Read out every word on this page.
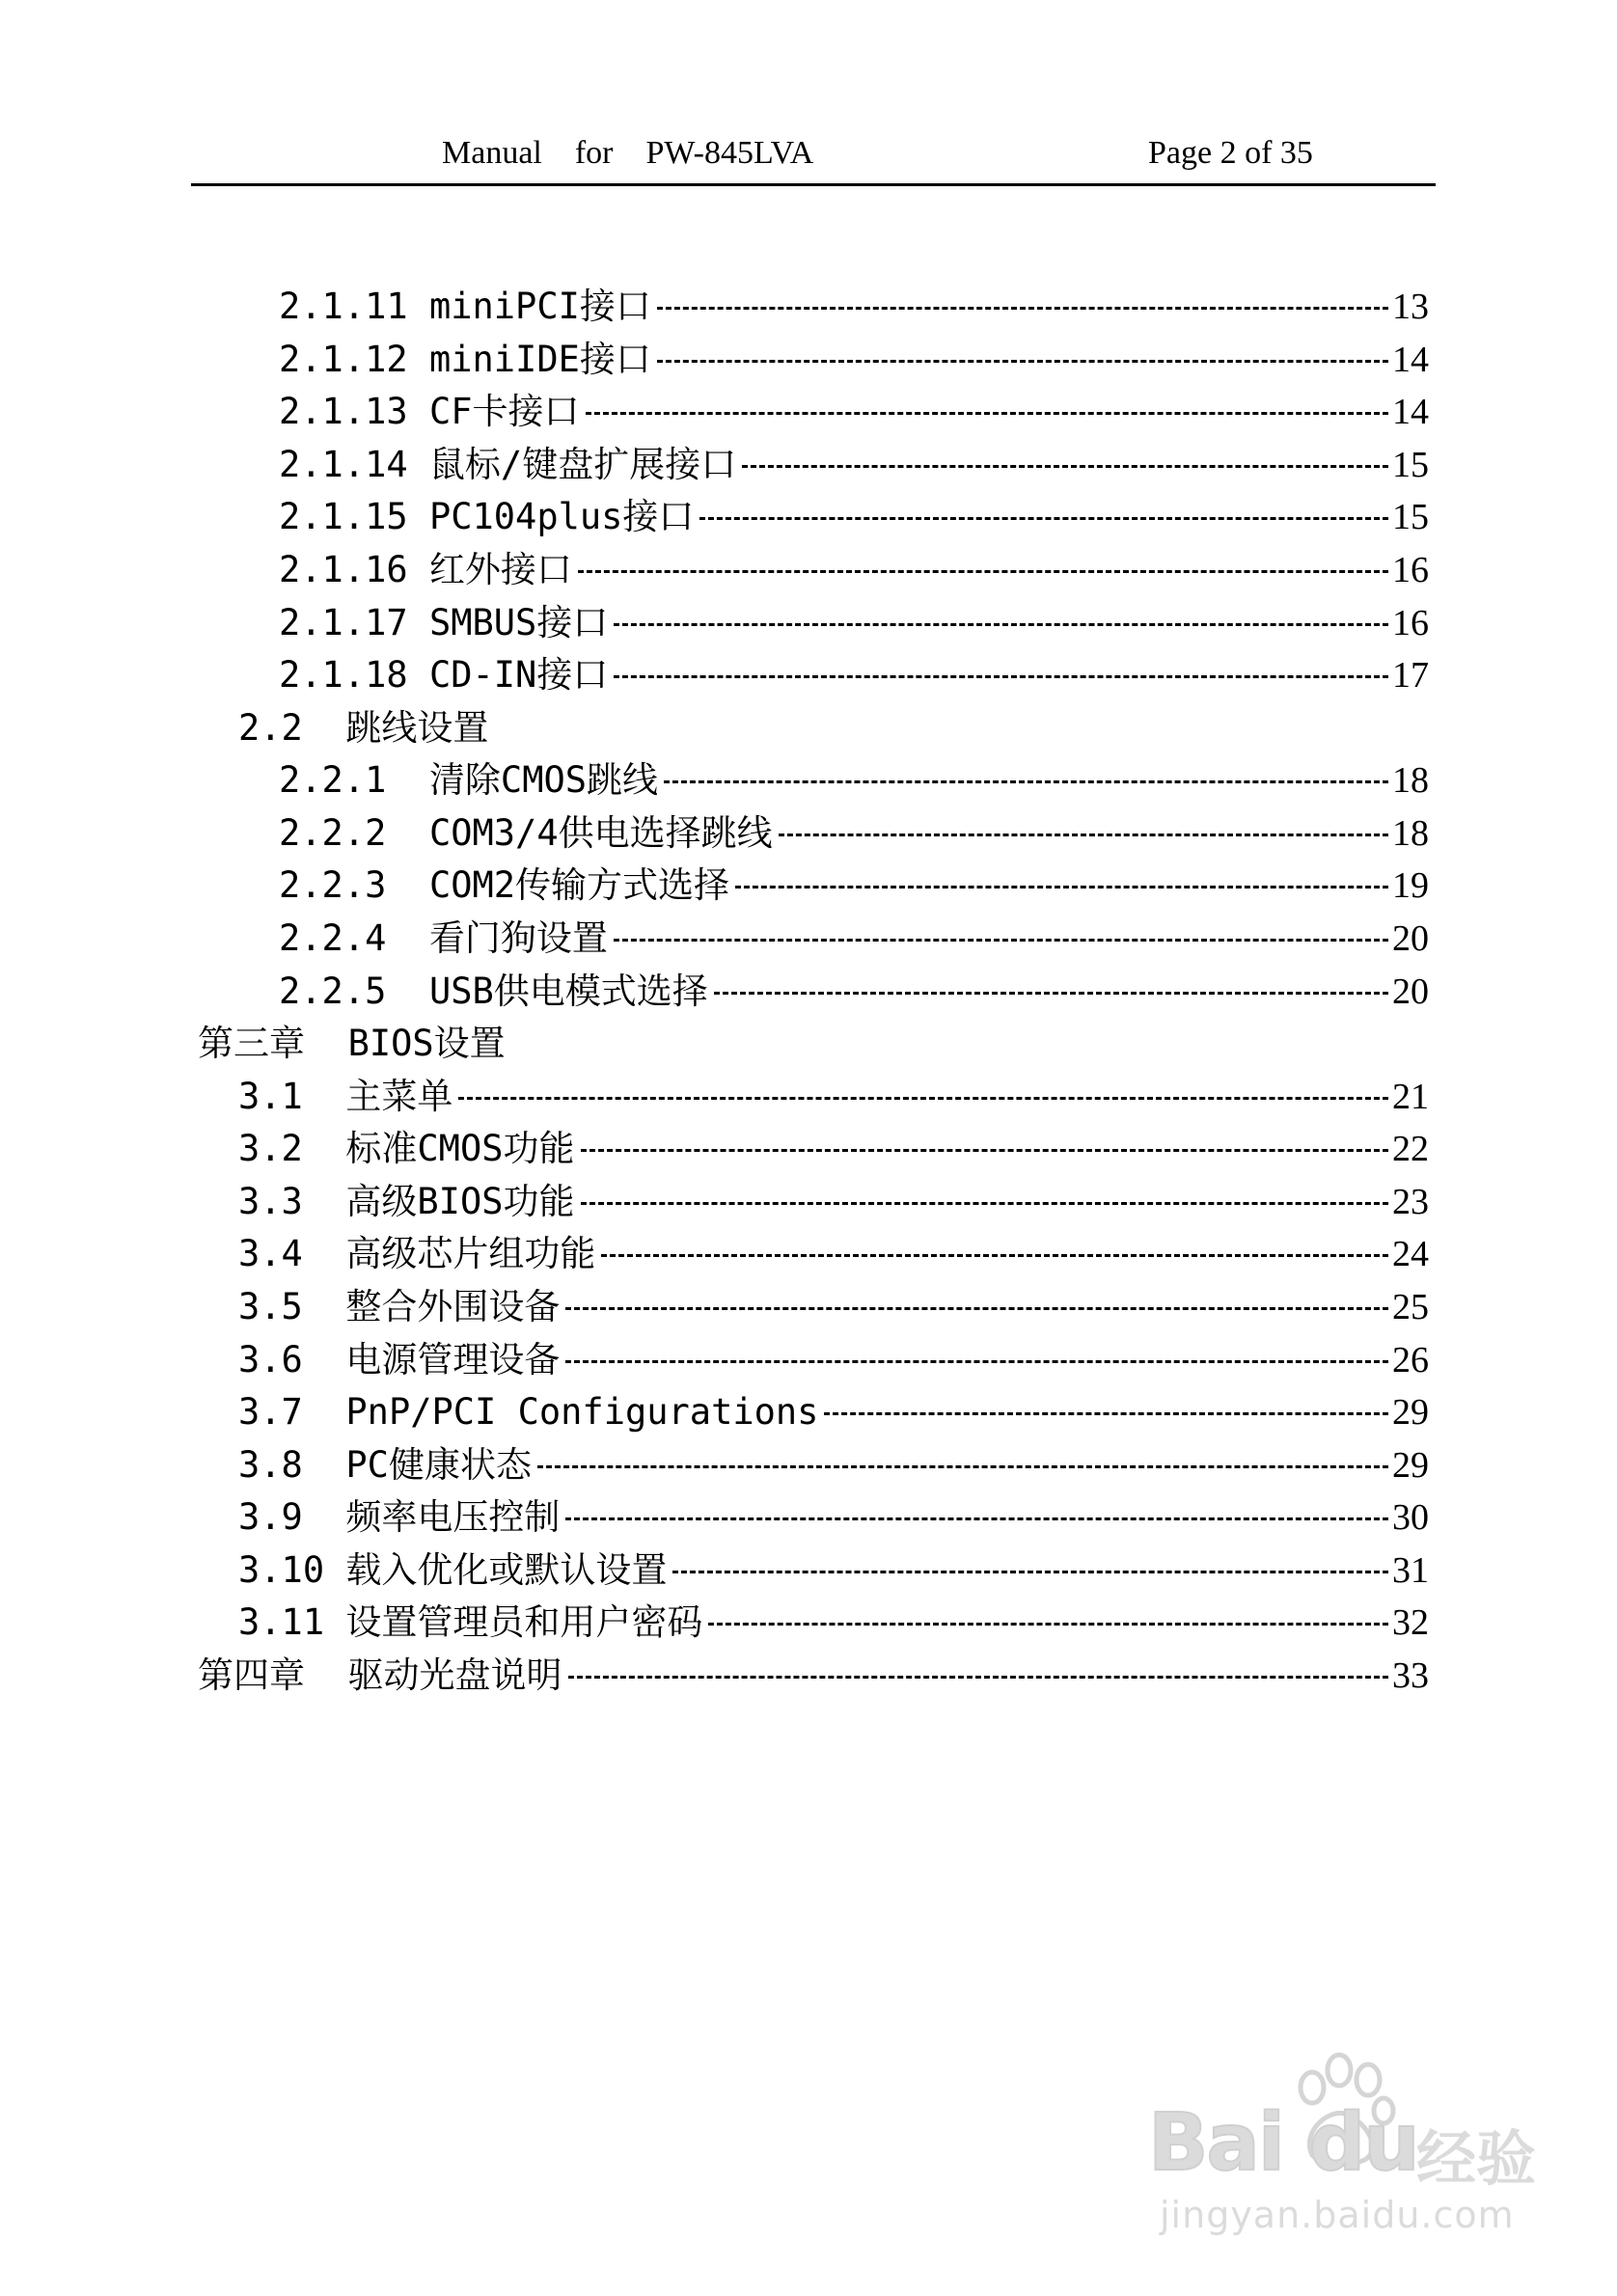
Manual    for    PW-845LVA	Page 2 of 35
2.1.11 miniPCI接口	13
2.1.12 miniIDE接口	14
2.1.13 CF卡接口	14
2.1.14 鼠标/键盘扩展接口	15
2.1.15 PC104plus接口	15
2.1.16 红外接口	16
2.1.17 SMBUS接口	16
2.1.18 CD-IN接口	17
2.2 跳线设置
2.2.1 清除CMOS跳线	18
2.2.2 COM3/4供电选择跳线	18
2.2.3 COM2传输方式选择	19
2.2.4 看门狗设置	20
2.2.5 USB供电模式选择	20
第三章 BIOS设置
3.1 主菜单	21
3.2 标准CMOS功能	22
3.3 高级BIOS功能	23
3.4 高级芯片组功能	24
3.5 整合外围设备	25
3.6 电源管理设备	26
3.7 PnP/PCI Configurations	29
3.8 PC健康状态	29
3.9 频率电压控制	30
3.10 载入优化或默认设置	31
3.11 设置管理员和用户密码	32
第四章 驱动光盘说明	33
Bai du
经验
jingyan.baidu.com
